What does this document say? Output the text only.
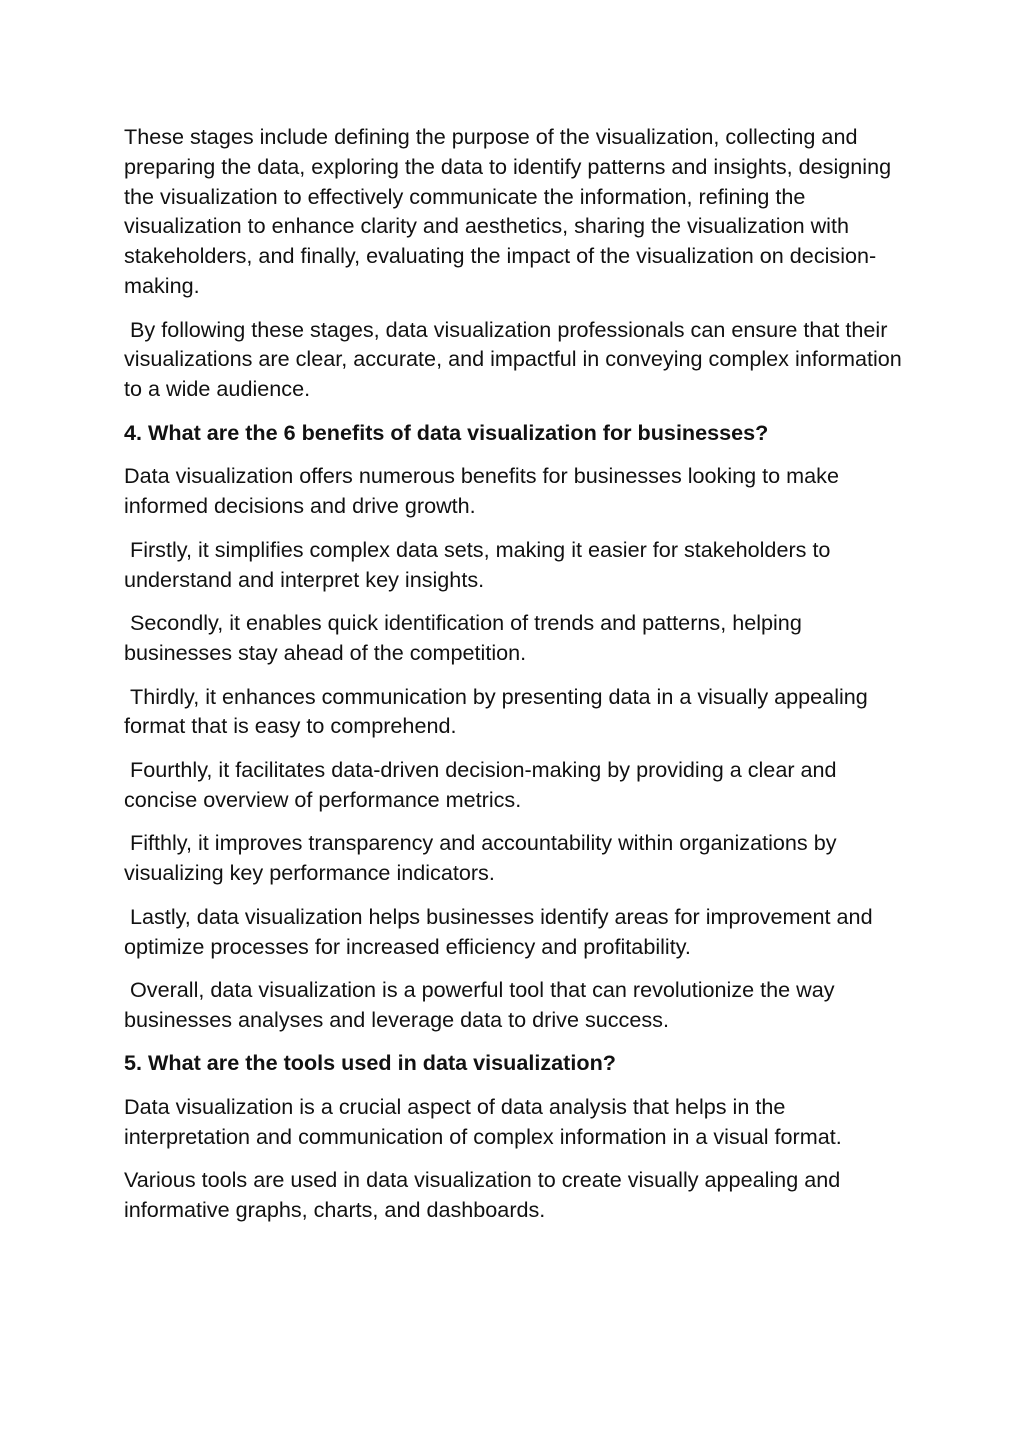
These stages include defining the purpose of the visualization, collecting and preparing the data, exploring the data to identify patterns and insights, designing the visualization to effectively communicate the information, refining the visualization to enhance clarity and aesthetics, sharing the visualization with stakeholders, and finally, evaluating the impact of the visualization on decision-making.

By following these stages, data visualization professionals can ensure that their visualizations are clear, accurate, and impactful in conveying complex information to a wide audience.

4. What are the 6 benefits of data visualization for businesses?

Data visualization offers numerous benefits for businesses looking to make informed decisions and drive growth.

Firstly, it simplifies complex data sets, making it easier for stakeholders to understand and interpret key insights.

Secondly, it enables quick identification of trends and patterns, helping businesses stay ahead of the competition.

Thirdly, it enhances communication by presenting data in a visually appealing format that is easy to comprehend.

Fourthly, it facilitates data-driven decision-making by providing a clear and concise overview of performance metrics.

Fifthly, it improves transparency and accountability within organizations by visualizing key performance indicators.

Lastly, data visualization helps businesses identify areas for improvement and optimize processes for increased efficiency and profitability.

Overall, data visualization is a powerful tool that can revolutionize the way businesses analyses and leverage data to drive success.

5. What are the tools used in data visualization?

Data visualization is a crucial aspect of data analysis that helps in the interpretation and communication of complex information in a visual format.

Various tools are used in data visualization to create visually appealing and informative graphs, charts, and dashboards.
